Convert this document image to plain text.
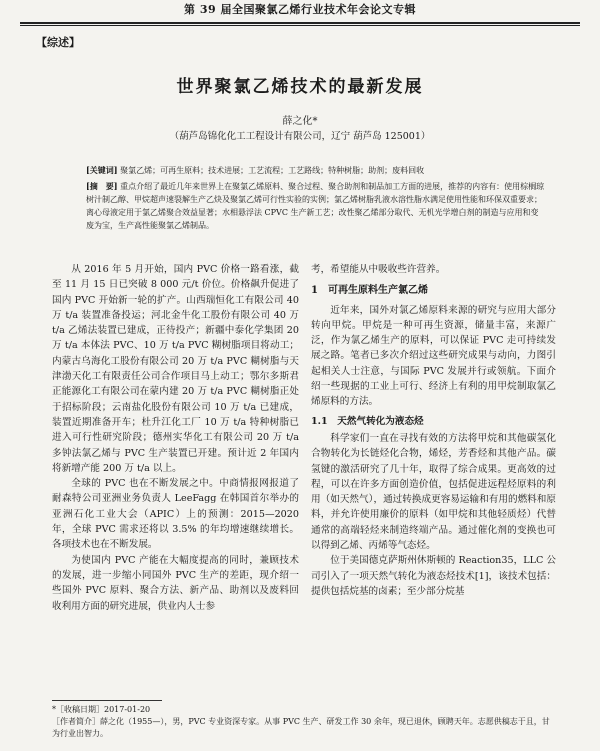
第 39 届全国聚氯乙烯行业技术年会论文专辑
【综述】
世界聚氯乙烯技术的最新发展
薛之化*
（葫芦岛锦化化工工程设计有限公司，辽宁 葫芦岛 125001）
[关键词] 聚氯乙烯；可再生原料；技术进展；工艺流程；工艺路线；特种树脂；助剂；废料回收
[摘　要] 重点介绍了最近几年来世界上在聚氯乙烯原料、聚合过程、聚合助剂和制品加工方面的进展，推荐的内容有：使用棕榈琼树汁制乙醇、甲烷超声速裂解生产乙炔及聚氯乙烯可行性实验的实例；氯乙烯树脂乳液水溶性脂水满足使用性能和环保双重要求；离心母液定用于氯乙烯聚合效益显著；水相悬浮法 CPVC 生产新工艺；改性聚乙烯部分取代、无机光学增白剂的制造与应用和变废为宝，生产高性能聚氯乙烯制品。

从 2016 年 5 月开始，国内 PVC 价格一路看涨，截至 11 月 15 日已突破 8 000 元/t 价位。价格飙升促进了国内 PVC 开始新一轮的扩产。山西瑞恒化工有限公司 40 万 t/a 装置准备投运；河北金牛化工股份有限公司 40 万 t/a 乙烯法装置已建成，正待投产；新疆中泰化学集团 20 万 t/a 本体法 PVC、10 万 t/a PVC 糊树脂项目将动工；内蒙古乌海化工股份有限公司 20 万 t/a PVC 糊树脂与天津渤天化工有限责任公司合作项目马上动工；鄂尔多斯君正能源化工有限公司在蒙内建 20 万 t/a PVC 糊树脂正处于招标阶段；云南盐化股份有限公司 10 万 t/a 已建成，装置近期准备开车；杜升江化工厂 10 万 t/a 特种树脂已进入可行性研究阶段；德州实华化工有限公司 20 万 t/a 多钟法氯乙烯与 PVC 生产装置已开建。预计近 2 年国内将新增产能 200 万 t/a 以上。

全球的 PVC 也在不断发展之中。中商情报网报道了耐森特公司亚洲业务负责人 LeeFagg 在韩国首尔举办的亚洲石化工业大会（APIC）上的预测：2015—2020 年，全球 PVC 需求还将以 3.5% 的年均增速继续增长。各项技术也在不断发展。

为使国内 PVC 产能在大幅度提高的同时，兼顾技术的发展，进一步缩小同国外 PVC 生产的差距，现介绍一些国外 PVC 原料、聚合方法、新产品、助剂以及废料回收利用方面的研究进展，供业内人士参

考，希望能从中吸收些许营养。

1　可再生原料生产氯乙烯

近年来，国外对氯乙烯原料来源的研究与应用大部分转向甲烷。甲烷是一种可再生资源，储量丰富，来源广泛，作为氯乙烯生产的原料，可以保证 PVC 走可持续发展之路。笔者已多次介绍过这些研究成果与动向，力图引起相关人士注意，与国际 PVC 发展并行或领航。下面介绍一些现据的工业上可行、经济上有利的用甲烷制取氯乙烯原料的方法。

1.1　天然气转化为液态烃

科学家们一直在寻找有效的方法将甲烷和其他碳氢化合物转化为长链烃化合物，烯烃，芳香烃和其他产品。碳氢键的激活研究了几十年，取得了综合成果。更高效的过程，可以在许多方面创造价值，包括促进远程烃原料的利用（如天然气），通过转换成更容易运输和有用的燃料和原料，并允许使用廉价的原料（如甲烷和其他轻质烃）代替通常的高端轻烃来制造终端产品。通过催化剂的变换也可以得到乙烯、丙烯等气态烃。

位于美国德克萨斯州休斯顿的 Reaction35，LLC 公司引入了一项天然气转化为液态烃技术[1]，该技术包括：提供包括烷基的卤素；至少部分烷基

*［收稿日期］2017-01-20
［作者简介］薛之化（1955—），男，PVC 专业资深专家。从事 PVC 生产、研发工作 30 余年，现已退休，顾聘天年。志愿供稿志于且，甘为行业出智力。
